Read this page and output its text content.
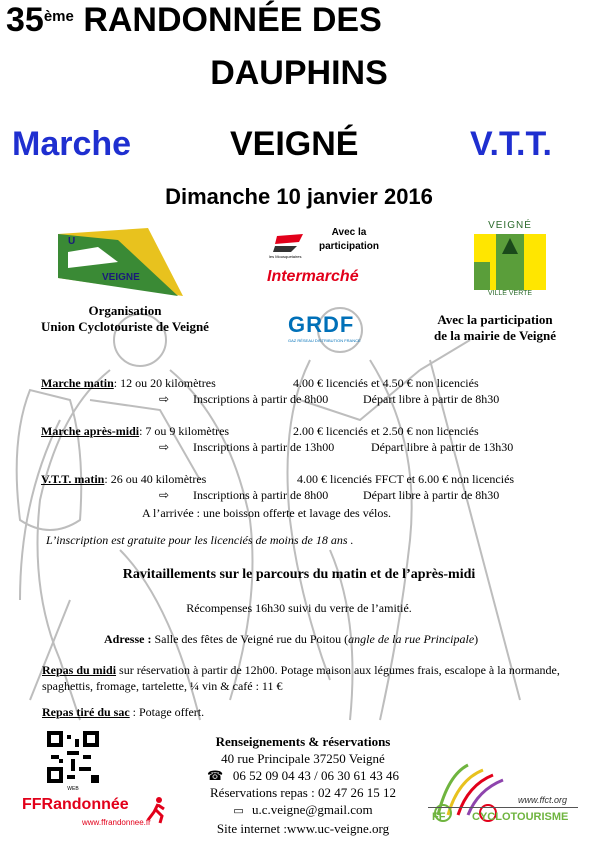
35ème RANDONNÉE DES
DAUPHINS
Marche	VEIGNÉ	V.T.T.
Dimanche 10 janvier 2016
VEIGNE
U
Avec la participation
les Mousquetaires
Intermarché
VEIGNÉ
VILLE VERTE
Organisation
Union Cyclotouriste de Veigné	GRDF
GAZ RÉSEAU DISTRIBUTION FRANCE
Avec la participation
de la mairie de Veigné
Marche matin: 12 ou 20 kilomètres	4.00 € licenciés et 4.50 € non licenciés
⇨ Inscriptions à partir de 8h00	Départ libre à partir de 8h30
Marche après-midi: 7 ou 9 kilomètres	2.00 € licenciés et 2.50 € non licenciés
⇨ Inscriptions à partir de 13h00	Départ libre à partir de 13h30
V.T.T. matin: 26 ou 40 kilomètres	4.00 € licenciés FFCT et 6.00 € non licenciés
⇨ Inscriptions à partir de 8h00	Départ libre à partir de 8h30
A l’arrivée : une boisson offerte et lavage des vélos.
L’inscription est gratuite pour les licenciés de moins de 18 ans .
Ravitaillements sur le parcours du matin et de l’après-midi
Récompenses 16h30 suivi du verre de l’amitié.
Adresse : Salle des fêtes de Veigné rue du Poitou (angle de la rue Principale)
Repas du midi sur réservation à partir de 12h00. Potage maison aux légumes frais, escalope à la normande, spaghettis, fromage, tartelette, ¼ vin & café : 11 €
Repas tiré du sac : Potage offert.
WEB
FFRandonnée
www.ffrandonnee.fr
Renseignements & réservations
40 rue Principale 37250 Veigné
☎   06 52 09 04 43 / 06 30 61 43 46
Réservations repas : 02 47 26 15 12
▭   u.c.veigne@gmail.com
Site internet :www.uc-veigne.org
www.ffct.org
FF CYCLOTOURISME
